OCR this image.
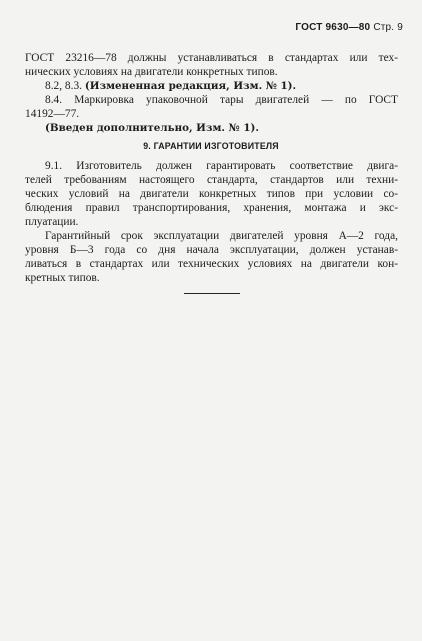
ГОСТ 9630—80 Стр. 9
ГОСТ 23216—78 должны устанавливаться в стандартах или тех-
нических условиях на двигатели конкретных типов.
8.2, 8.3. (Измененная редакция, Изм. № 1).
8.4. Маркировка упаковочной тары двигателей — по ГОСТ
14192—77.
(Введен дополнительно, Изм. № 1).
9. ГАРАНТИИ ИЗГОТОВИТЕЛЯ
9.1. Изготовитель должен гарантировать соответствие двига-
телей требованиям настоящего стандарта, стандартов или техни-
ческих условий на двигатели конкретных типов при условии со-
блюдения правил транспортирования, хранения, монтажа и экс-
плуатации.
Гарантийный срок эксплуатации двигателей уровня А—2 года,
уровня Б—3 года со дня начала эксплуатации, должен устанав-
ливаться в стандартах или технических условиях на двигатели кон-
кретных типов.
